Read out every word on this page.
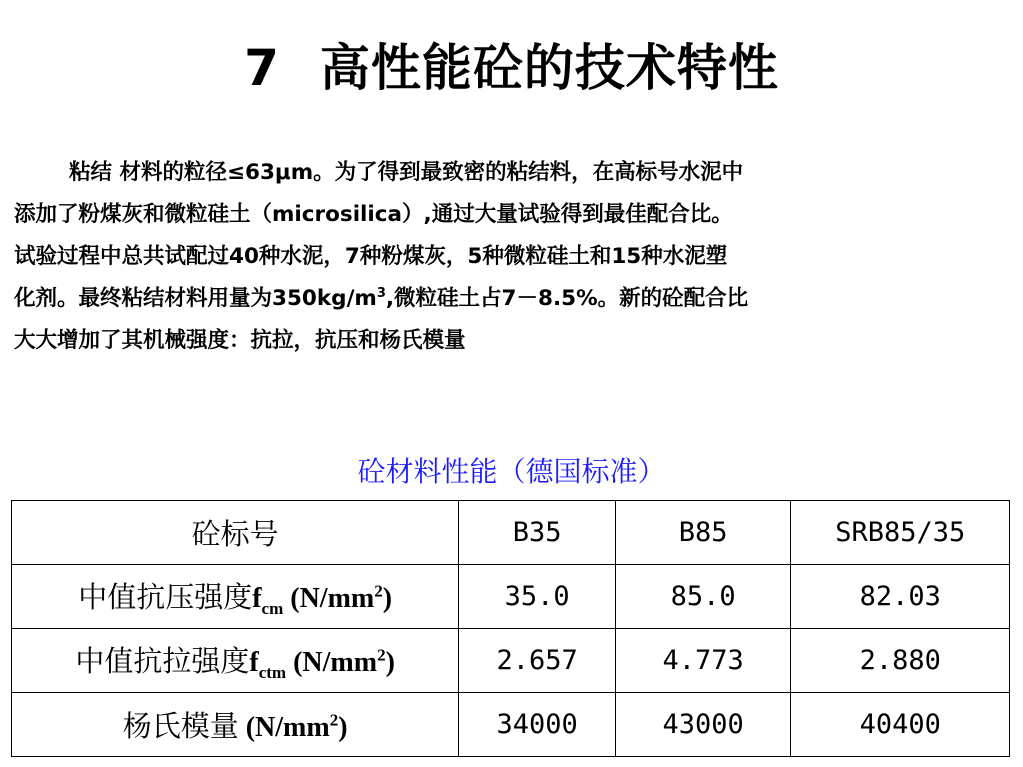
7 高性能砼的技术特性
粘结 材料的粒径≤63μm。为了得到最致密的粘结料，在高标号水泥中
添加了粉煤灰和微粒硅土（microsilica）,通过大量试验得到最佳配合比。
试验过程中总共试配过40种水泥，7种粉煤灰，5种微粒硅土和15种水泥塑
化剂。最终粘结材料用量为$350kg/m^3$,微粒硅土占7－8.5%。新的砼配合比
大大增加了其机械强度：抗拉，抗压和杨氏模量
砼材料性能（德国标准）
砼标号	B35	B85	SRB85/35
中值抗压强度$f_{cm}$ $(N/mm^2)$	35.0	85.0	82.03
中值抗拉强度$f_{ctm}$ $(N/mm^2)$	2.657	4.773	2.880
杨氏模量 $(N/mm^2)$	34000	43000	40400
